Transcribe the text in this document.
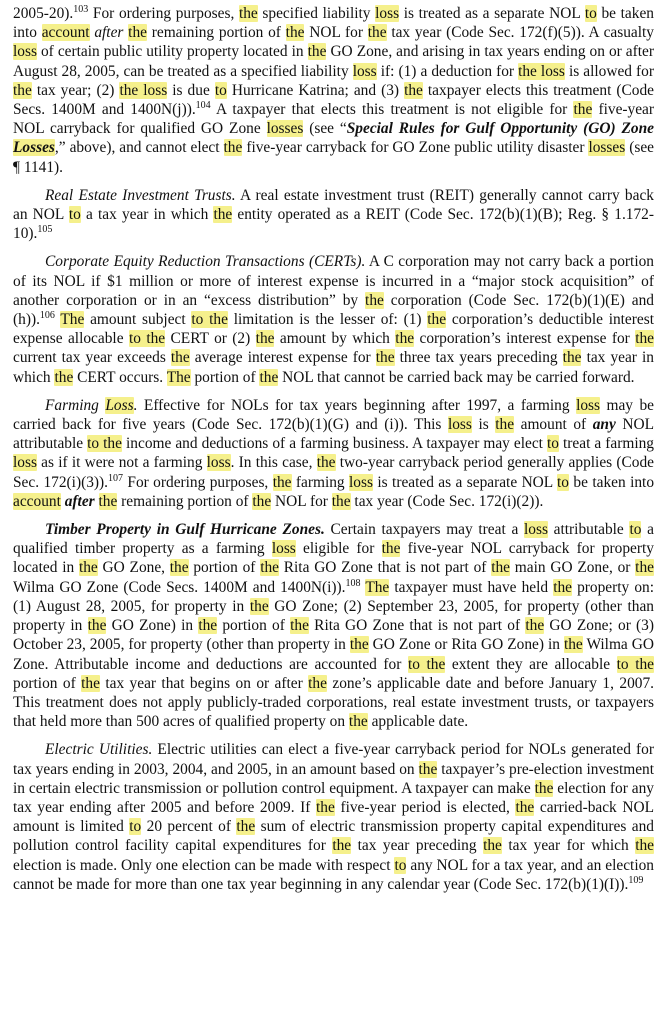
2005-20).$^{103}$ For ordering purposes, the specified liability loss is treated as a separate NOL to be taken into account after the remaining portion of the NOL for the tax year (Code Sec. 172(f)(5)). A casualty loss of certain public utility property located in the GO Zone, and arising in tax years ending on or after August 28, 2005, can be treated as a specified liability loss if: (1) a deduction for the loss is allowed for the tax year; (2) the loss is due to Hurricane Katrina; and (3) the taxpayer elects this treatment (Code Secs. 1400M and 1400N(j)).$^{104}$ A taxpayer that elects this treatment is not eligible for the five-year NOL carryback for qualified GO Zone losses (see “Special Rules for Gulf Opportunity (GO) Zone Losses,” above), and cannot elect the five-year carryback for GO Zone public utility disaster losses (see ¶ 1141).

Real Estate Investment Trusts. A real estate investment trust (REIT) generally cannot carry back an NOL to a tax year in which the entity operated as a REIT (Code Sec. 172(b)(1)(B); Reg. § 1.172-10).$^{105}$

Corporate Equity Reduction Transactions (CERTs). A C corporation may not carry back a portion of its NOL if $1 million or more of interest expense is incurred in a “major stock acquisition” of another corporation or in an “excess distribution” by the corporation (Code Sec. 172(b)(1)(E) and (h)).$^{106}$ The amount subject to the limitation is the lesser of: (1) the corporation’s deductible interest expense allocable to the CERT or (2) the amount by which the corporation’s interest expense for the current tax year exceeds the average interest expense for the three tax years preceding the tax year in which the CERT occurs. The portion of the NOL that cannot be carried back may be carried forward.

Farming Loss. Effective for NOLs for tax years beginning after 1997, a farming loss may be carried back for five years (Code Sec. 172(b)(1)(G) and (i)). This loss is the amount of any NOL attributable to the income and deductions of a farming business. A taxpayer may elect to treat a farming loss as if it were not a farming loss. In this case, the two-year carryback period generally applies (Code Sec. 172(i)(3)).$^{107}$ For ordering purposes, the farming loss is treated as a separate NOL to be taken into account after the remaining portion of the NOL for the tax year (Code Sec. 172(i)(2)).

Timber Property in Gulf Hurricane Zones. Certain taxpayers may treat a loss attributable to a qualified timber property as a farming loss eligible for the five-year NOL carryback for property located in the GO Zone, the portion of the Rita GO Zone that is not part of the main GO Zone, or the Wilma GO Zone (Code Secs. 1400M and 1400N(i)).$^{108}$ The taxpayer must have held the property on: (1) August 28, 2005, for property in the GO Zone; (2) September 23, 2005, for property (other than property in the GO Zone) in the portion of the Rita GO Zone that is not part of the GO Zone; or (3) October 23, 2005, for property (other than property in the GO Zone or Rita GO Zone) in the Wilma GO Zone. Attributable income and deductions are accounted for to the extent they are allocable to the portion of the tax year that begins on or after the zone’s applicable date and before January 1, 2007. This treatment does not apply publicly-traded corporations, real estate investment trusts, or taxpayers that held more than 500 acres of qualified property on the applicable date.

Electric Utilities. Electric utilities can elect a five-year carryback period for NOLs generated for tax years ending in 2003, 2004, and 2005, in an amount based on the taxpayer’s pre-election investment in certain electric transmission or pollution control equipment. A taxpayer can make the election for any tax year ending after 2005 and before 2009. If the five-year period is elected, the carried-back NOL amount is limited to 20 percent of the sum of electric transmission property capital expenditures and pollution control facility capital expenditures for the tax year preceding the tax year for which the election is made. Only one election can be made with respect to any NOL for a tax year, and an election cannot be made for more than one tax year beginning in any calendar year (Code Sec. 172(b)(1)(I)).$^{109}$
